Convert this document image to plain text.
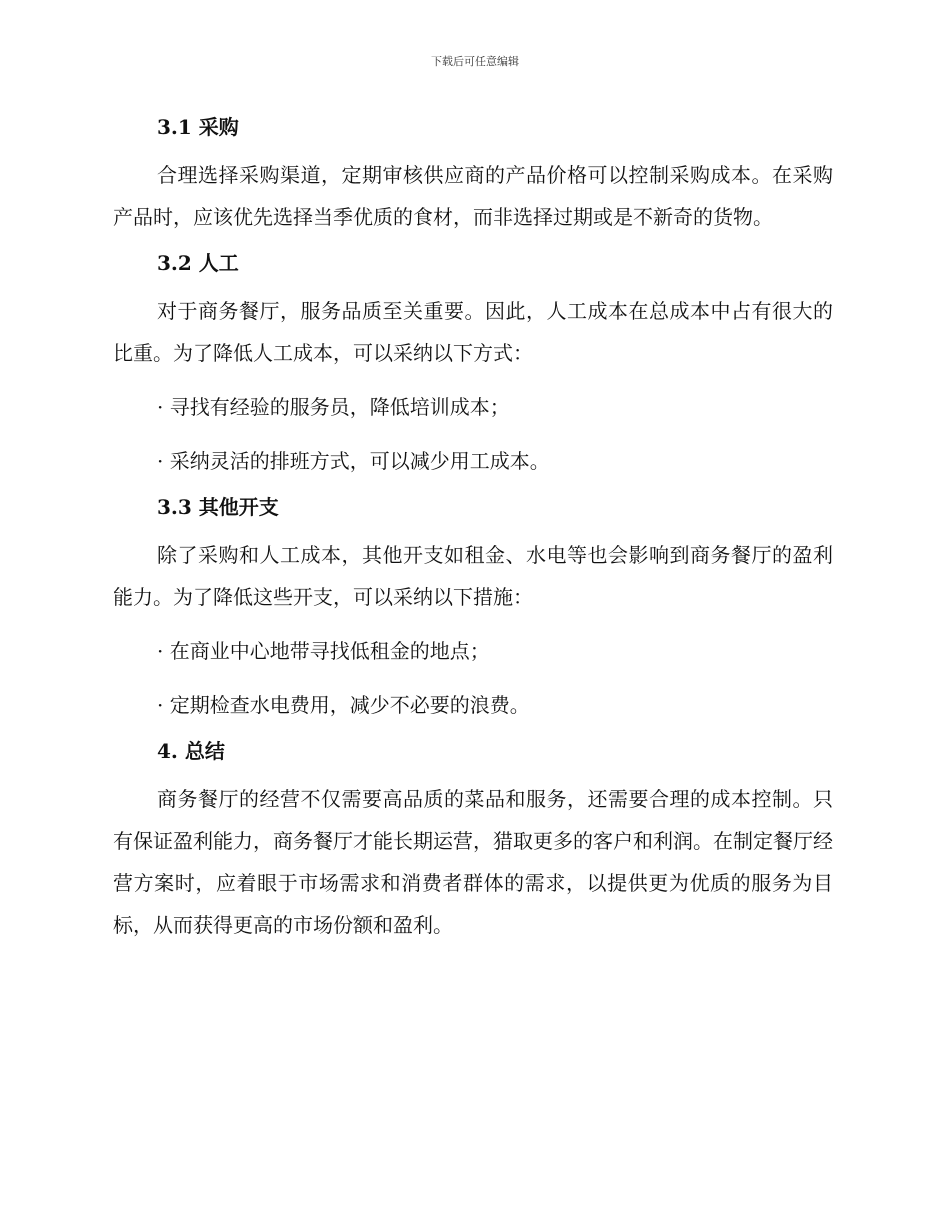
下载后可任意编辑
3.1 采购

合理选择采购渠道，定期审核供应商的产品价格可以控制采购成本。在采购产品时，应该优先选择当季优质的食材，而非选择过期或是不新奇的货物。

3.2 人工

对于商务餐厅，服务品质至关重要。因此，人工成本在总成本中占有很大的比重。为了降低人工成本，可以采纳以下方式：

· 寻找有经验的服务员，降低培训成本；
· 采纳灵活的排班方式，可以减少用工成本。
3.3 其他开支

除了采购和人工成本，其他开支如租金、水电等也会影响到商务餐厅的盈利能力。为了降低这些开支，可以采纳以下措施：

· 在商业中心地带寻找低租金的地点；
· 定期检查水电费用，减少不必要的浪费。
4. 总结

商务餐厅的经营不仅需要高品质的菜品和服务，还需要合理的成本控制。只有保证盈利能力，商务餐厅才能长期运营，猎取更多的客户和利润。在制定餐厅经营方案时，应着眼于市场需求和消费者群体的需求，以提供更为优质的服务为目标，从而获得更高的市场份额和盈利。
